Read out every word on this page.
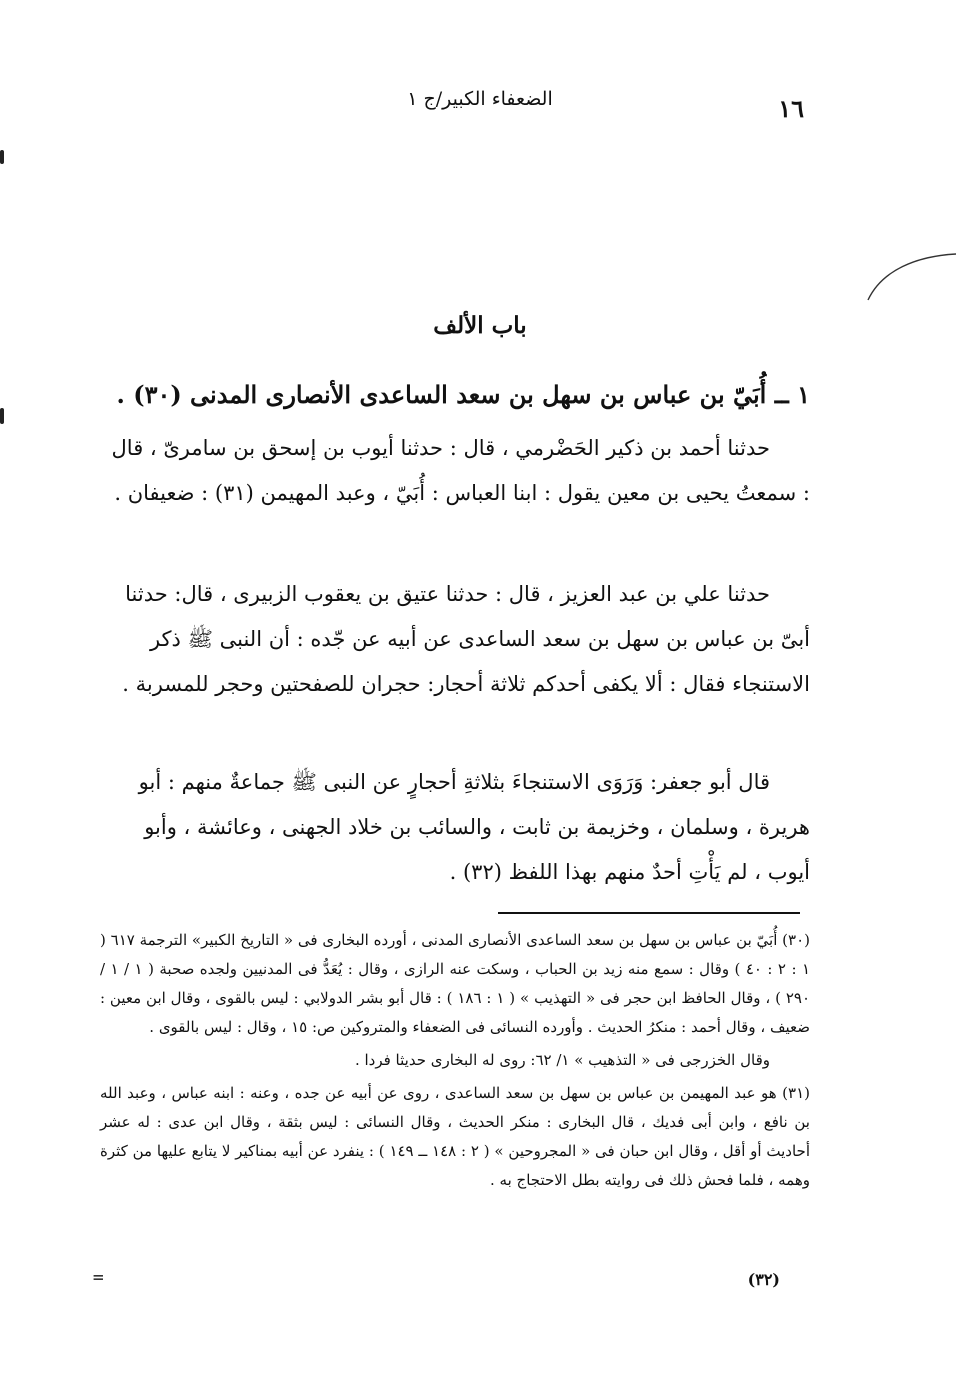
الضعفاء الكبير/ج ١	١٦
باب الألف
١ ــ أُبَيّ بن عباس بن سهل بن سعد الساعدى الأنصارى المدنى (٣٠) .

حدثنا أحمد بن ذكير الحَضْرمي ، قال : حدثنا أيوب بن إسحق بن سامرىّ ، قال : سمعتُ يحيى بن معين يقول : ابنا العباس : أُبَيّ ، وعبد المهيمن (٣١) : ضعيفان .

حدثنا علي بن عبد العزيز ، قال : حدثنا عتيق بن يعقوب الزبيرى ، قال: حدثنا أبىّ بن عباس بن سهل بن سعد الساعدى عن أبيه عن جّده : أن النبى ﷺ ذكر الاستنجاء فقال : ألا يكفى أحدكم ثلاثة أحجار: حجران للصفحتين وحجر للمسربة .

قال أبو جعفر: وَرَوَى الاستنجاءَ بثلاثةِ أحجارٍ عن النبى ﷺ جماعةٌ منهم : أبو هريرة ، وسلمان ، وخزيمة بن ثابت ، والسائب بن خلاد الجهنى ، وعائشة ، وأبو أيوب ، لم يَأْتِ أحدٌ منهم بهذا اللفظ (٣٢) .

(٣٠) أُبَيّ بن عباس بن سهل بن سعد الساعدى الأنصارى المدنى ، أورده البخارى فى « التاريخ الكبير» الترجمة ٦١٧ ( ١ : ٢ : ٤٠ ) وقال : سمع منه زيد بن الحباب ، وسكت عنه الرازى ، وقال : يُعَدُّ فى المدنيين ولجده صحبة ( ١ / ١ / ٢٩٠ ) ، وقال الحافظ ابن حجر فى « التهذيب » ( ١ : ١٨٦ ) : قال أبو بشر الدولابي : ليس بالقوى ، وقال ابن معين : ضعيف ، وقال أحمد : منكرُ الحديث . وأورده النسائى فى الضعفاء والمتروكين ص: ١٥ ، وقال : ليس بالقوى .

وقال الخزرجى فى « التذهيب » ١/ ٦٢: روى له البخارى حديثا فردا .

(٣١) هو عبد المهيمن بن عباس بن سهل بن سعد الساعدى ، روى عن أبيه عن جده ، وعنه : ابنه عباس ، وعبد الله بن نافع ، وابن أبى فديك ، قال البخارى : منكر الحديث ، وقال النسائى : ليس بثقة ، وقال ابن عدى : له عشر أحاديث أو أقل ، وقال ابن حبان فى « المجروحين » ( ٢ : ١٤٨ ــ ١٤٩ ) : ينفرد عن أبيه بمناكير لا يتابع عليها من كثرة وهمه ، فلما فحش ذلك فى روايته بطل الاحتجاج به .

(٣٢)
=
